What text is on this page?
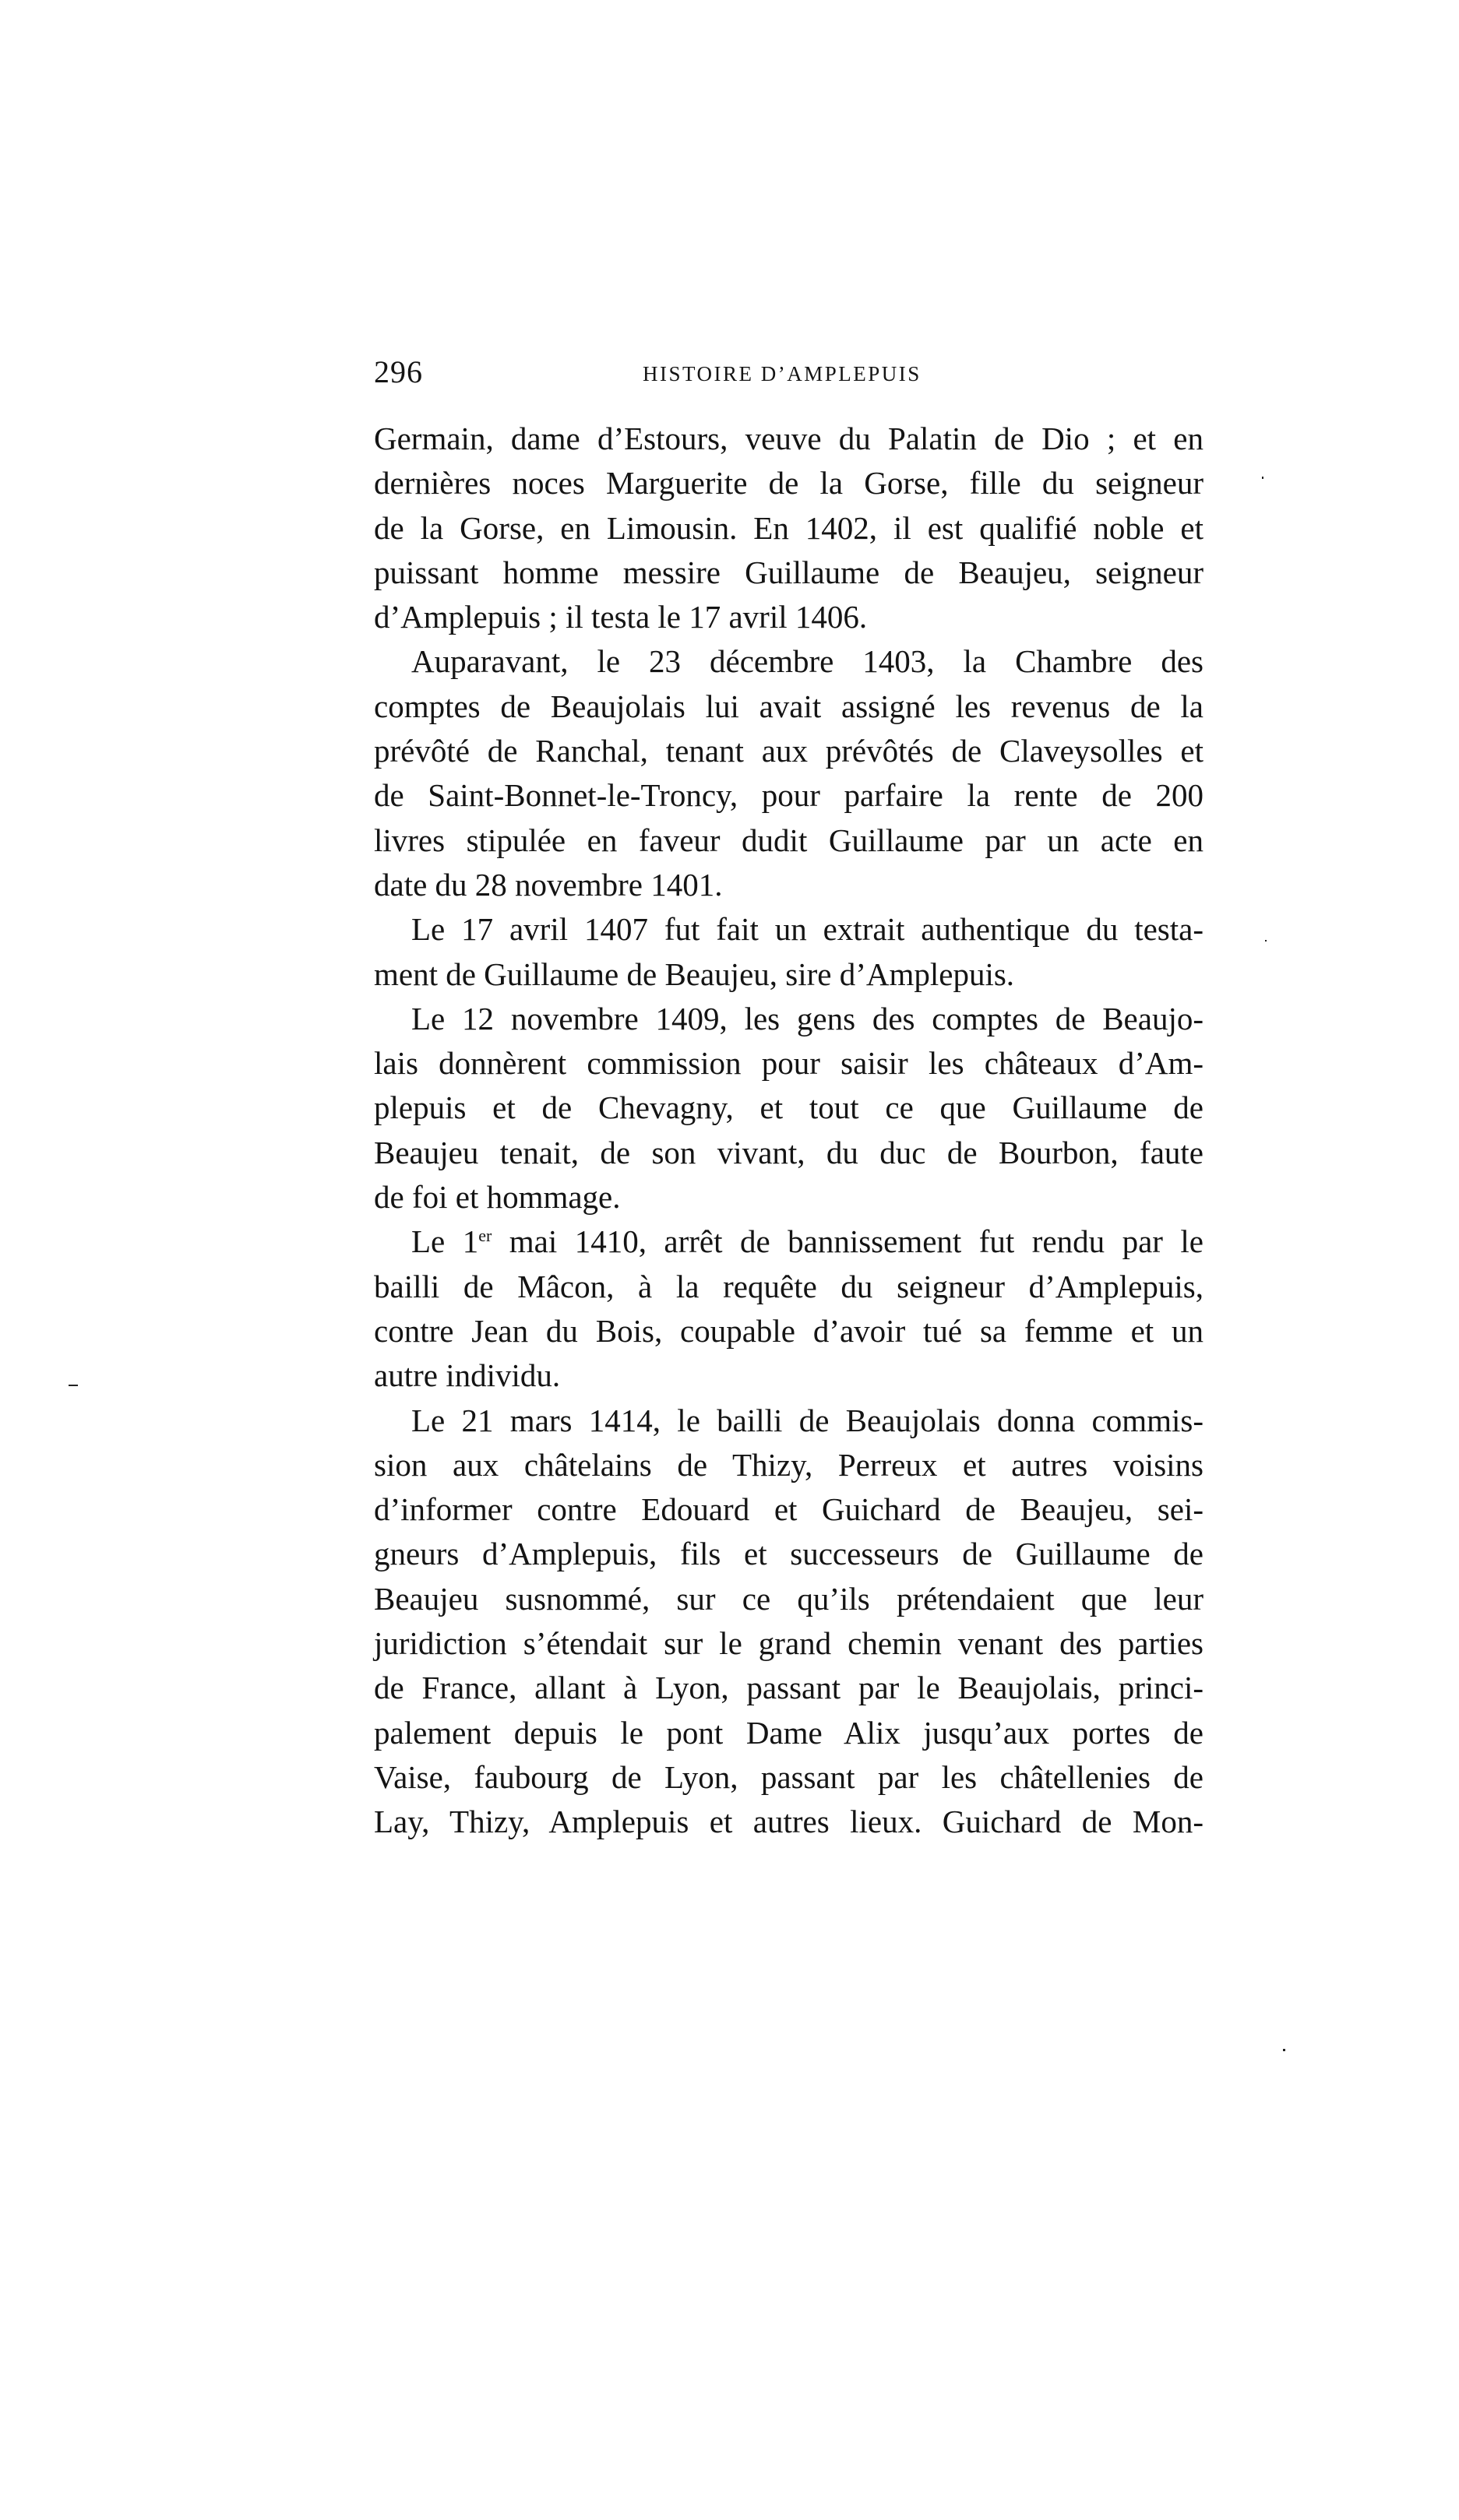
296	HISTOIRE D’AMPLEPUIS
Germain, dame d’Estours, veuve du Palatin de Dio ; et en
dernières noces Marguerite de la Gorse, fille du seigneur
de la Gorse, en Limousin. En 1402, il est qualifié noble et
puissant homme messire Guillaume de Beaujeu, seigneur
d’Amplepuis ; il testa le 17 avril 1406.
Auparavant, le 23 décembre 1403, la Chambre des
comptes de Beaujolais lui avait assigné les revenus de la
prévôté de Ranchal, tenant aux prévôtés de Claveysolles et
de Saint-Bonnet-le-Troncy, pour parfaire la rente de 200
livres stipulée en faveur dudit Guillaume par un acte en
date du 28 novembre 1401.
Le 17 avril 1407 fut fait un extrait authentique du testa-
ment de Guillaume de Beaujeu, sire d’Amplepuis.
Le 12 novembre 1409, les gens des comptes de Beaujo-
lais donnèrent commission pour saisir les châteaux d’Am-
plepuis et de Chevagny, et tout ce que Guillaume de
Beaujeu tenait, de son vivant, du duc de Bourbon, faute
de foi et hommage.
Le 1er mai 1410, arrêt de bannissement fut rendu par le
bailli de Mâcon, à la requête du seigneur d’Amplepuis,
contre Jean du Bois, coupable d’avoir tué sa femme et un
autre individu.
Le 21 mars 1414, le bailli de Beaujolais donna commis-
sion aux châtelains de Thizy, Perreux et autres voisins
d’informer contre Edouard et Guichard de Beaujeu, sei-
gneurs d’Amplepuis, fils et successeurs de Guillaume de
Beaujeu susnommé, sur ce qu’ils prétendaient que leur
juridiction s’étendait sur le grand chemin venant des parties
de France, allant à Lyon, passant par le Beaujolais, princi-
palement depuis le pont Dame Alix jusqu’aux portes de
Vaise, faubourg de Lyon, passant par les châtellenies de
Lay, Thizy, Amplepuis et autres lieux. Guichard de Mon-
